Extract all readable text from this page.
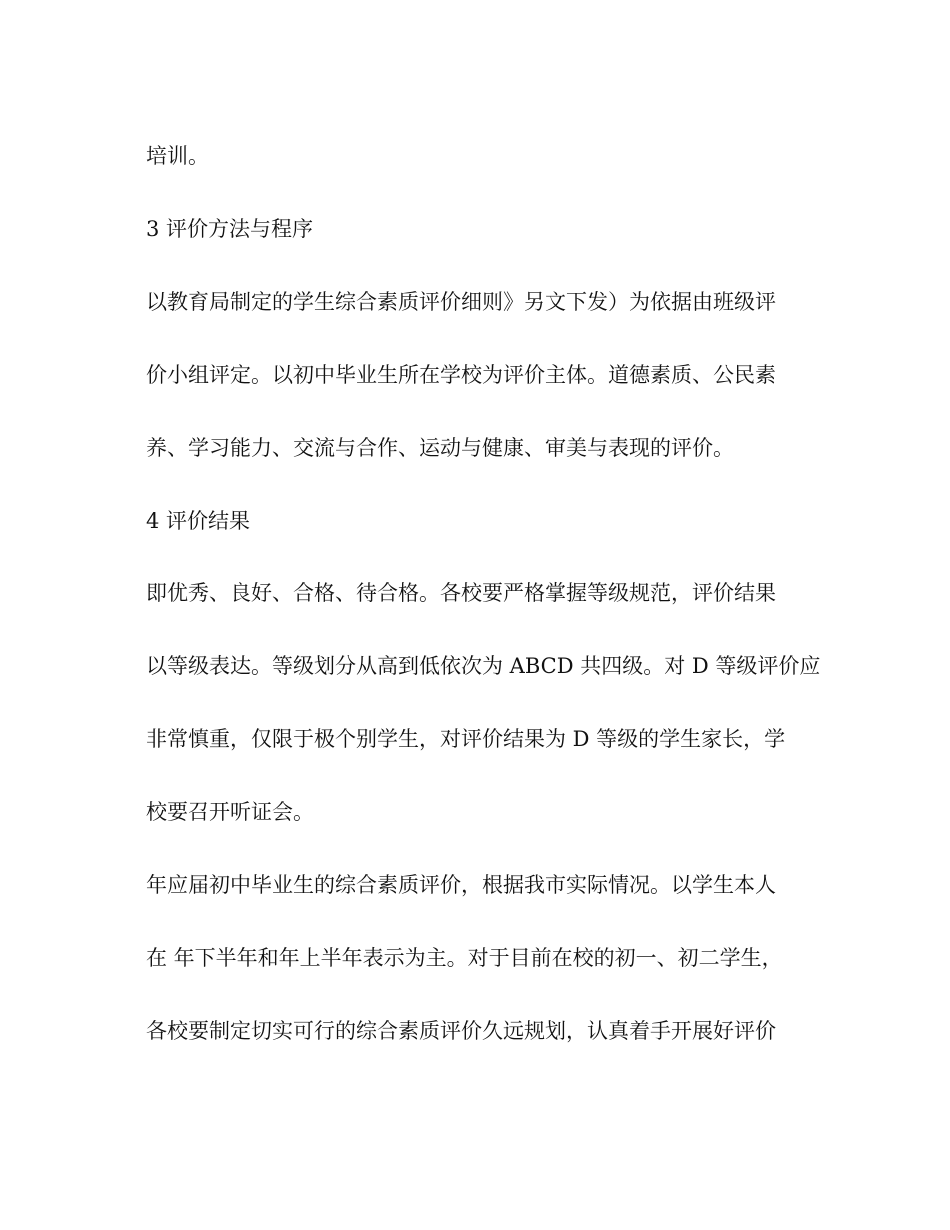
培训。
3 评价方法与程序
以教育局制定的学生综合素质评价细则》另文下发）为依据由班级评
价小组评定。以初中毕业生所在学校为评价主体。道德素质、公民素
养、学习能力、交流与合作、运动与健康、审美与表现的评价。
4 评价结果
即优秀、良好、合格、待合格。各校要严格掌握等级规范，评价结果
以等级表达。等级划分从高到低依次为 ABCD 共四级。对 D 等级评价应
非常慎重，仅限于极个别学生，对评价结果为 D 等级的学生家长，学
校要召开听证会。
年应届初中毕业生的综合素质评价，根据我市实际情况。以学生本人
在 年下半年和年上半年表示为主。对于目前在校的初一、初二学生，
各校要制定切实可行的综合素质评价久远规划，认真着手开展好评价
